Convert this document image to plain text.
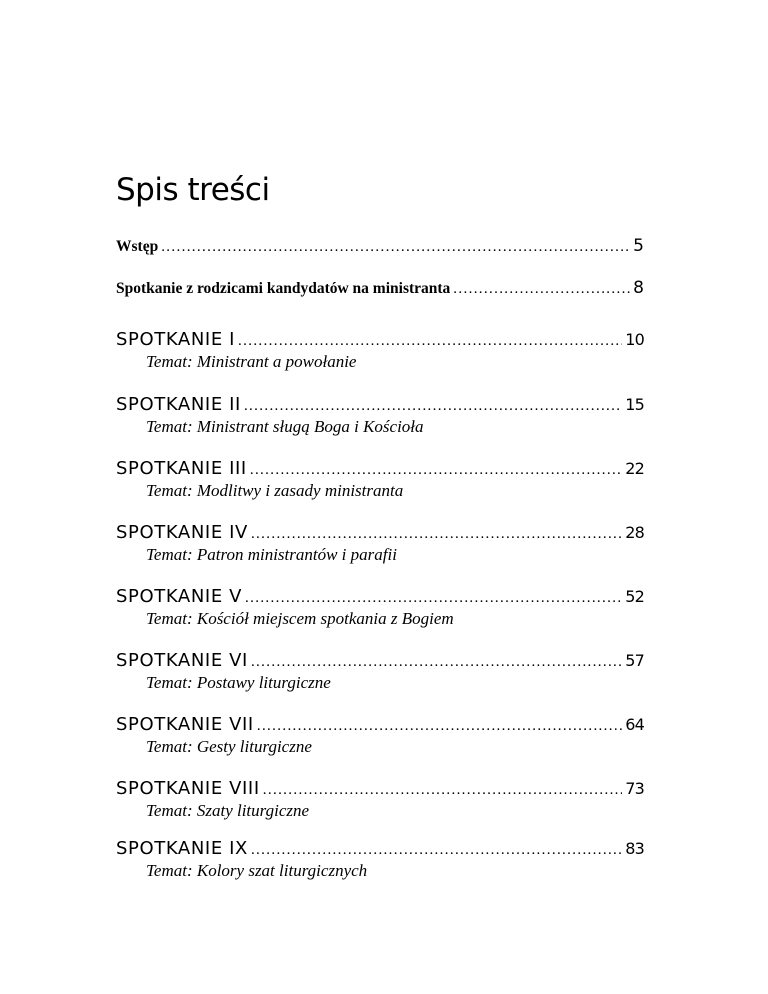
Spis treści
Wstęp . . .	5
Spotkanie z rodzicami kandydatów na ministranta . . .	8
SPOTKANIE I . . .	10
Temat: Ministrant a powołanie
SPOTKANIE II . . .	15
Temat: Ministrant sługą Boga i Kościoła
SPOTKANIE III . . .	22
Temat: Modlitwy i zasady ministranta
SPOTKANIE IV . . .	28
Temat: Patron ministrantów i parafii
SPOTKANIE V . . .	52
Temat: Kościół miejscem spotkania z Bogiem
SPOTKANIE VI . . .	57
Temat: Postawy liturgiczne
SPOTKANIE VII . . .	64
Temat: Gesty liturgiczne
SPOTKANIE VIII . . .	73
Temat: Szaty liturgiczne
SPOTKANIE IX . . .	83
Temat: Kolory szat liturgicznych
